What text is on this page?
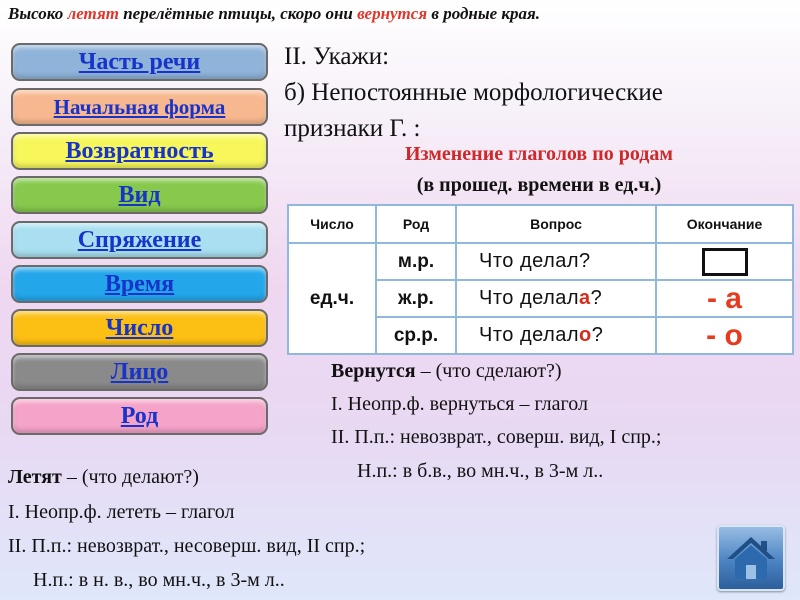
Высоко летят перелётные птицы, скоро они вернутся в родные края.
Часть речи
Начальная форма
Возвратность
Вид
Спряжение
Время
Число
Лицо
Род
II. Укажи:
б) Непостоянные морфологические
признаки Г. :
Изменение глаголов по родам
(в прошед. времени в ед.ч.)
Число	Род	Вопрос	Окончание
ед.ч.	м.р.	Что делал?	
	ж.р.	Что делала?	- а
	ср.р.	Что делало?	- о
Вернутся – (что сделают?)
I. Неопр.ф. вернуться – глагол
II. П.п.: невозврат., соверш. вид, I спр.;
Н.п.: в б.в., во мн.ч., в 3-м л..
Летят – (что делают?)
I. Неопр.ф. лететь – глагол
II. П.п.: невозврат., несоверш. вид, II спр.;
Н.п.: в н. в., во мн.ч., в 3-м л..
